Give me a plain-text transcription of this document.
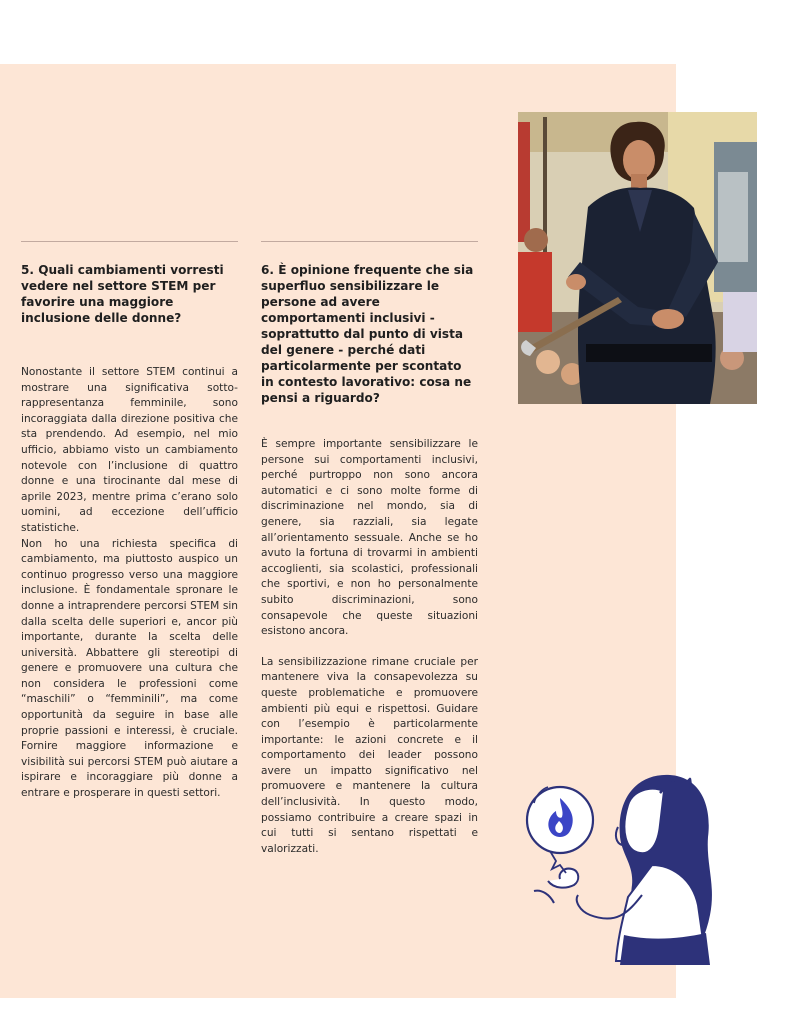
5. Quali cambiamenti vorresti vedere nel settore STEM per favorire una maggiore inclusione delle donne?

Nonostante il settore STEM continui a mostrare una significativa sotto-rappresentanza femminile, sono incoraggiata dalla direzione positiva che sta prendendo. Ad esempio, nel mio ufficio, abbiamo visto un cambiamento notevole con l’inclusione di quattro donne e una tirocinante dal mese di aprile 2023, mentre prima c’erano solo uomini, ad eccezione dell’ufficio statistiche.

Non ho una richiesta specifica di cambiamento, ma piuttosto auspico un continuo progresso verso una maggiore inclusione. È fondamentale spronare le donne a intraprendere percorsi STEM sin dalla scelta delle superiori e, ancor più importante, durante la scelta delle università. Abbattere gli stereotipi di genere e promuovere una cultura che non considera le professioni come “maschili” o “femminili”, ma come opportunità da seguire in base alle proprie passioni e interessi, è cruciale. Fornire maggiore informazione e visibilità sui percorsi STEM può aiutare a ispirare e incoraggiare più donne a entrare e prosperare in questi settori.

6. È opinione frequente che sia superfluo sensibilizzare le persone ad avere comportamenti inclusivi - soprattutto dal punto di vista del genere - perché dati particolarmente per scontato in contesto lavorativo: cosa ne pensi a riguardo?

È sempre importante sensibilizzare le persone sui comportamenti inclusivi, perché purtroppo non sono ancora automatici e ci sono molte forme di discriminazione nel mondo, sia di genere, sia razziali, sia legate all’orientamento sessuale. Anche se ho avuto la fortuna di trovarmi in ambienti accoglienti, sia scolastici, professionali che sportivi, e non ho personalmente subito discriminazioni, sono consapevole che queste situazioni esistono ancora.

La sensibilizzazione rimane cruciale per mantenere viva la consapevolezza su queste problematiche e promuovere ambienti più equi e rispettosi. Guidare con l’esempio è particolarmente importante: le azioni concrete e il comportamento dei leader possono avere un impatto significativo nel promuovere e mantenere la cultura dell’inclusività. In questo modo, possiamo contribuire a creare spazi in cui tutti si sentano rispettati e valorizzati.
